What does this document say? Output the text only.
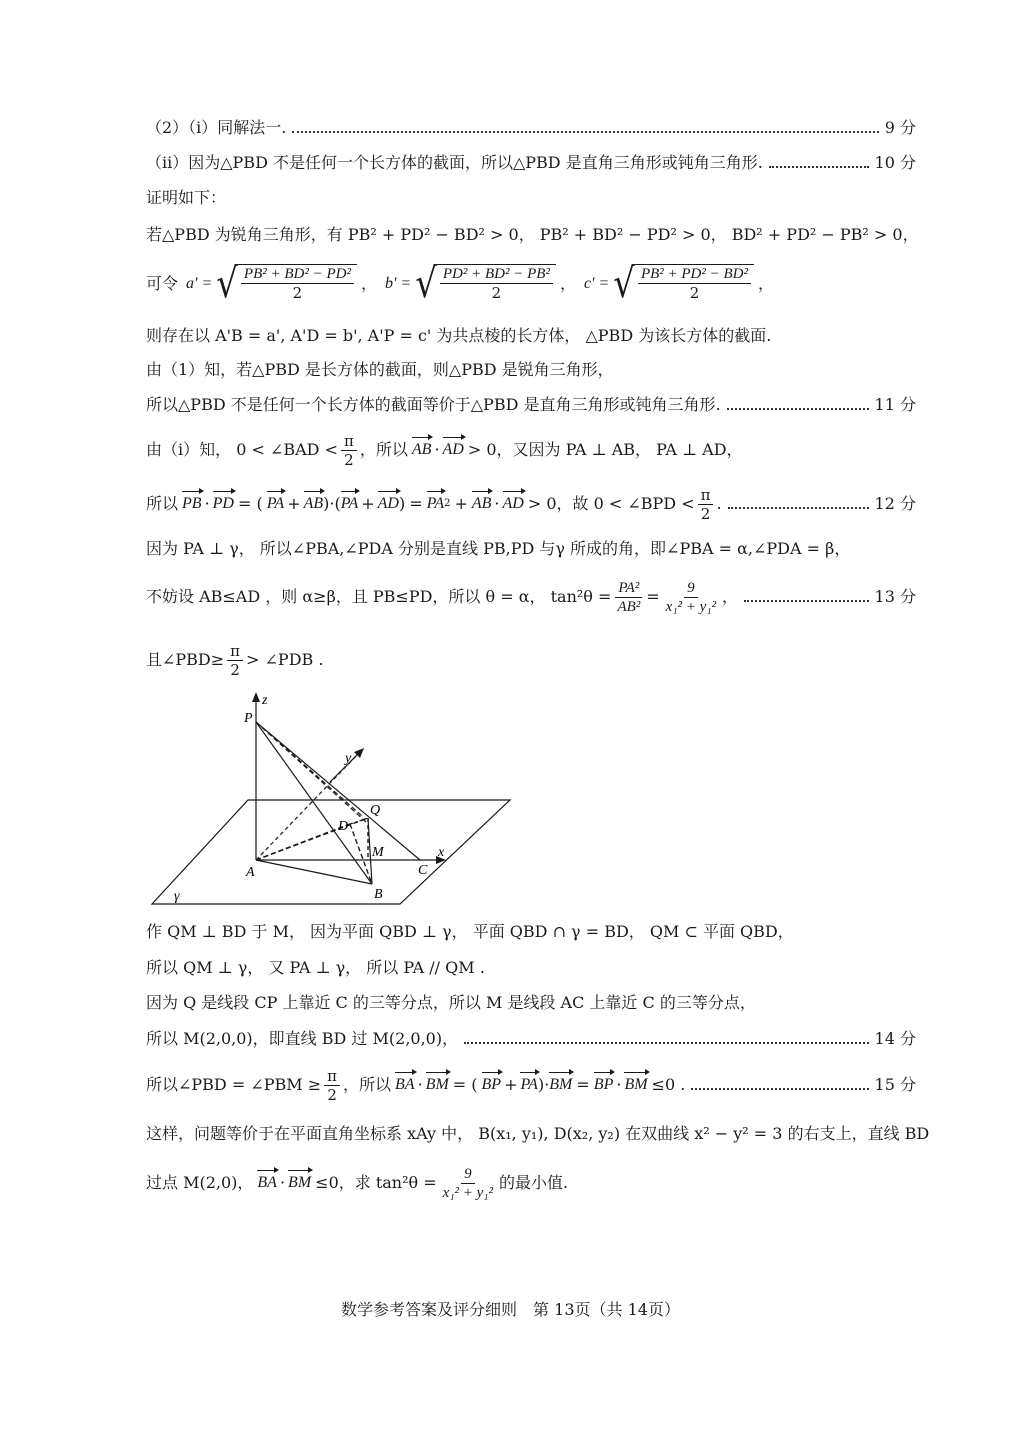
（2）（i）同解法一.	9 分
（ii）因为△PBD 不是任何一个长方体的截面，所以△PBD 是直角三角形或钝角三角形.	10 分
证明如下：
若△PBD 为锐角三角形，有 PB² + PD² − BD² > 0， PB² + BD² − PD² > 0， BD² + PD² − PB² > 0，
可令 a' = √ $\frac{\text{PB² + BD² − PD²}}{2}$ ， b' = √ $\frac{\text{PD² + BD² − PB²}}{2}$ ， c' = √ $\frac{\text{PB² + PD² − BD²}}{2}$ ，
则存在以 A'B = a', A'D = b', A'P = c' 为共点棱的长方体， △PBD 为该长方体的截面.
由（1）知，若△PBD 是长方体的截面，则△PBD 是锐角三角形，
所以△PBD 不是任何一个长方体的截面等价于△PBD 是直角三角形或钝角三角形.	11 分
由（i）知， 0 < ∠BAD < $\frac{\pi}{2}$ ，所以 AB · AD > 0，又因为 PA ⊥ AB， PA ⊥ AD，
所以 PB · PD = ( PA + AB )·( PA + AD ) = PA 2 + AB · AD > 0，故 0 < ∠BPD < $\frac{\pi}{2}$ .	12 分
因为 PA ⊥ γ， 所以∠PBA,∠PDA 分别是直线 PB,PD 与γ 所成的角，即∠PBA = α,∠PDA = β，
不妨设 AB≤AD ，则 α≥β，且 PB≤PD，所以 θ = α， $\tan^2\theta = \frac{\text{PA²}}{\text{AB²}} = \frac{9}{\text{x₁² + y₁²}}$ ，	13 分
且∠PBD≥ $\frac{\pi}{2}$ > ∠PDB .
P
z
y
Q
D
M	x
A	C
B
γ
作 QM ⊥ BD 于 M， 因为平面 QBD ⊥ γ， 平面 QBD ∩ γ = BD， QM ⊂ 平面 QBD，
所以 QM ⊥ γ， 又 PA ⊥ γ， 所以 PA // QM .
因为 Q 是线段 CP 上靠近 C 的三等分点，所以 M 是线段 AC 上靠近 C 的三等分点，
所以 M(2,0,0)，即直线 BD 过 M(2,0,0)，	14 分
所以∠PBD = ∠PBM ≥ $\frac{\pi}{2}$ ，所以 BA · BM = ( BP + PA )· BM = BP · BM ≤0 .	15 分
这样，问题等价于在平面直角坐标系 xAy 中， B(x₁, y₁), D(x₂, y₂) 在双曲线 x² − y² = 3 的右支上，直线 BD
过点 M(2,0)， BA · BM ≤0，求 $\tan^2\theta = \frac{9}{\text{x₁² + y₁²}}$ 的最小值.
数学参考答案及评分细则　第 13页（共 14页）
